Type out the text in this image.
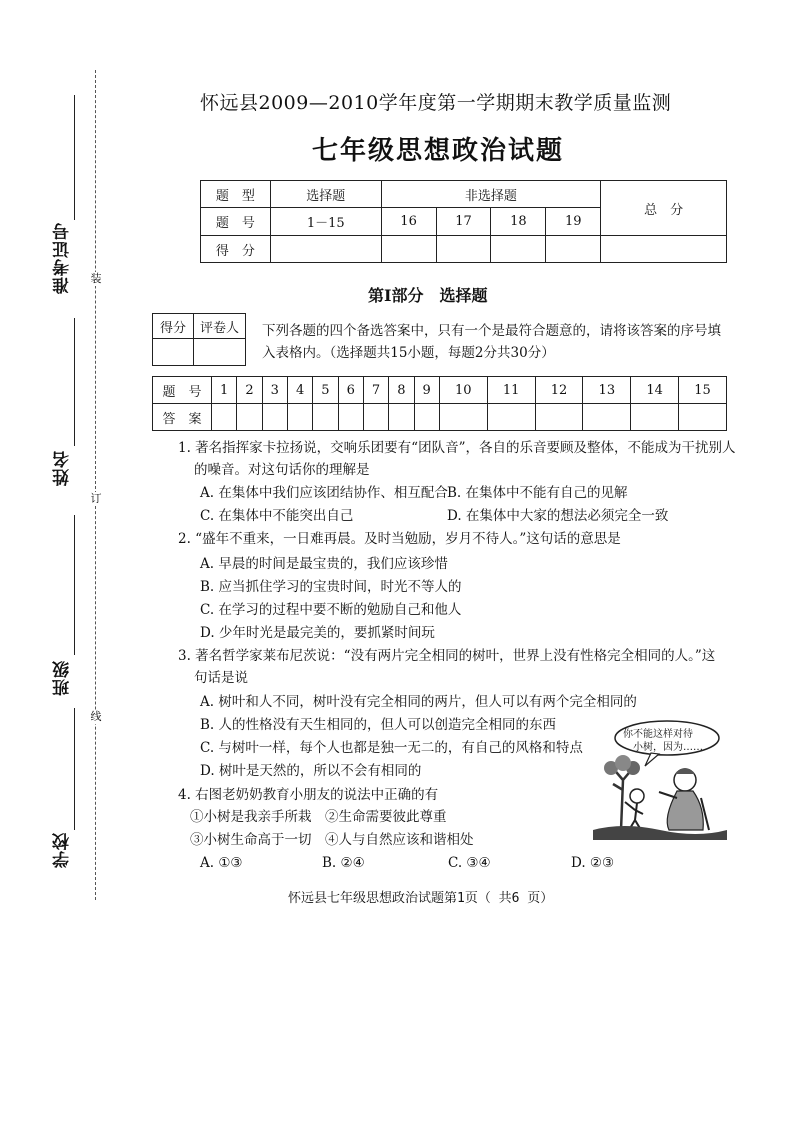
准考证号
姓名
班级
学校
装
订
线
怀远县2009—2010学年度第一学期期末教学质量监测
七年级思想政治试题
题　型	选择题	非选择题				总　分
题　号	1－15	16	17	18	19	
得　分						
第Ⅰ部分　选择题
得分	评卷人
	下列各题的四个备选答案中，只有一个是最符合题意的，请将该答案的序号填入表格内。（选择题共15小题，每题2分共30分）
题　号	1	2	3	4	5	6	7	8	9	10	11	12	13	14	15
答　案															
1. 著名指挥家卡拉扬说，交响乐团要有“团队音”，各自的乐音要顾及整体，不能成为干扰别人
的噪音。对这句话你的理解是
A. 在集体中我们应该团结协作、相互配合 B. 在集体中不能有自己的见解
C. 在集体中不能突出自己	D. 在集体中大家的想法必须完全一致
2. “盛年不重来，一日难再晨。及时当勉励，岁月不待人。”这句话的意思是
A. 早晨的时间是最宝贵的，我们应该珍惜
B. 应当抓住学习的宝贵时间，时光不等人的
C. 在学习的过程中要不断的勉励自己和他人
D. 少年时光是最完美的，要抓紧时间玩
3. 著名哲学家莱布尼茨说：“没有两片完全相同的树叶，世界上没有性格完全相同的人。”这
句话是说
A. 树叶和人不同，树叶没有完全相同的两片，但人可以有两个完全相同的
B. 人的性格没有天生相同的，但人可以创造完全相同的东西
C. 与树叶一样，每个人也都是独一无二的，有自己的风格和特点
D. 树叶是天然的，所以不会有相同的
4. 右图老奶奶教育小朋友的说法中正确的有
①小树是我亲手所栽　②生命需要彼此尊重
③小树生命高于一切　④人与自然应该和谐相处
A. ①③	B. ②④	C. ③④	D. ②③
你不能这样对待
小树，因为……
怀远县七年级思想政治试题第1页（ 共6 页）
